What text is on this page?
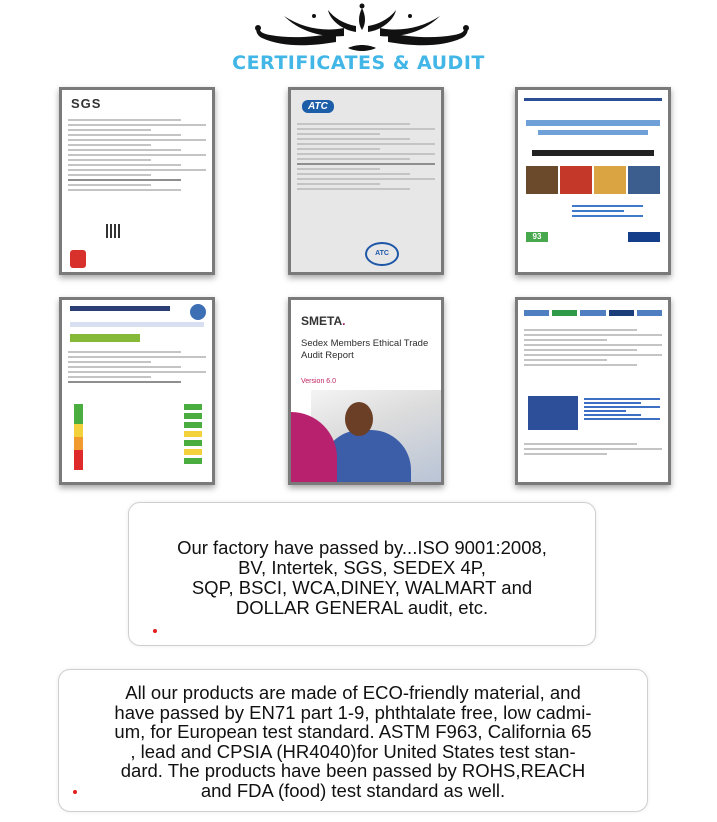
CERTIFICATES & AUDIT
SGS	ATC
ATC
93
SMETA.
Sedex Members Ethical Trade Audit Report
Version 6.0

Our factory have passed by...ISO 9001:2008,
BV, Intertek, SGS, SEDEX 4P,
SQP, BSCI, WCA,DINEY, WALMART and
DOLLAR GENERAL audit, etc.

All our products are made of ECO-friendly material, and
have passed by EN71 part 1-9, phthtalate free, low cadmi-
um, for European test standard. ASTM F963, California 65
, lead and CPSIA (HR4040)for United States test stan-
dard. The products have been passed by ROHS,REACH
and FDA (food) test standard as well.
